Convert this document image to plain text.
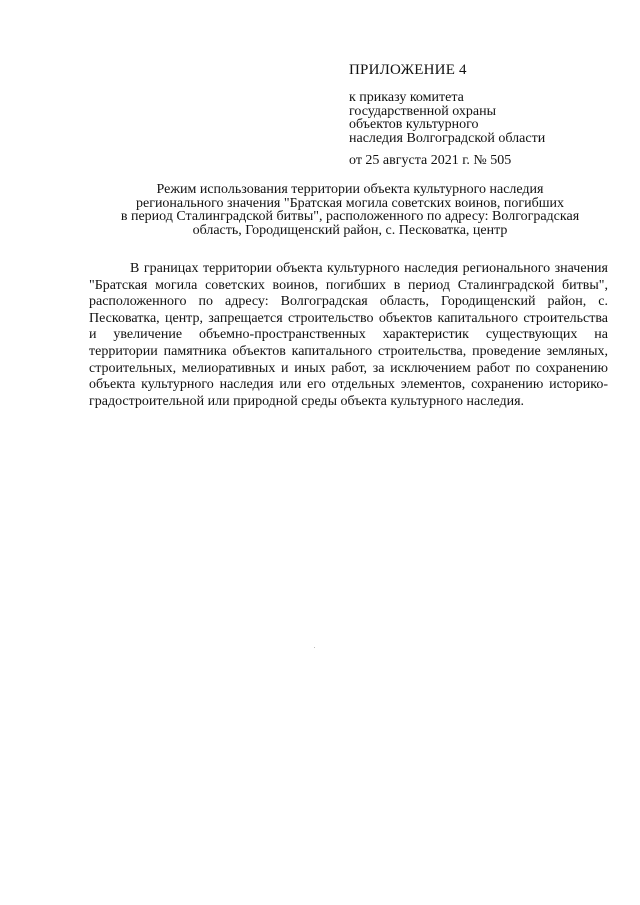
ПРИЛОЖЕНИЕ 4
к приказу комитета
государственной охраны
объектов культурного
наследия Волгоградской области
от 25 августа 2021 г. № 505
Режим использования территории объекта культурного наследия
регионального значения "Братская могила советских воинов, погибших
в период Сталинградской битвы", расположенного по адресу: Волгоградская
область, Городищенский район, с. Песковатка, центр

В границах территории объекта культурного наследия регионального значения "Братская могила советских воинов, погибших в период Сталинградской битвы", расположенного по адресу: Волгоградская область, Городищенский район, с. Песковатка, центр, запрещается строительство объектов капитального строительства и увеличение объемно-пространственных характеристик существующих на территории памятника объектов капитального строительства, проведение земляных, строительных, мелиоративных и иных работ, за исключением работ по сохранению объекта культурного наследия или его отдельных элементов, сохранению историко-градостроительной или природной среды объекта культурного наследия.
